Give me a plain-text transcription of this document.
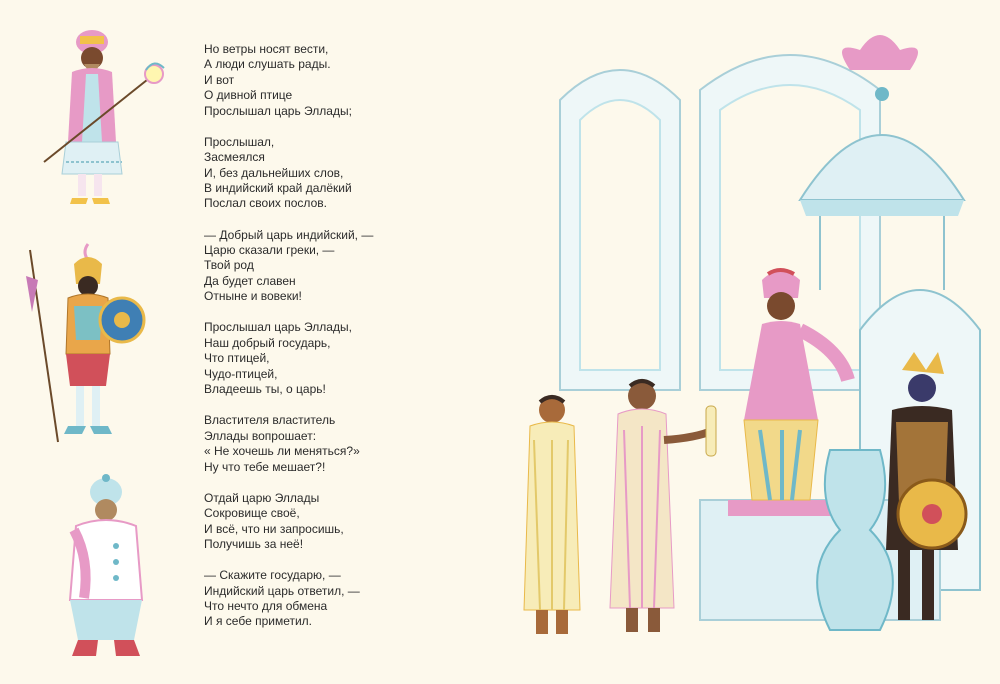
Но ветры носят вести,
А люди слушать рады.
И вот
О дивной птице
Прослышал царь Эллады;
Прослышал,
Засмеялся
И, без дальнейших слов,
В индийский край далёкий
Послал своих послов.
— Добрый царь индийский, —
Царю сказали греки, —
Твой род
Да будет славен
Отныне и вовеки!
Прослышал царь Эллады,
Наш добрый государь,
Что птицей,
Чудо-птицей,
Владеешь ты, о царь!
Властителя властитель
Эллады вопрошает:
« Не хочешь ли меняться?»
Ну что тебе мешает?!
Отдай царю Эллады
Сокровище своё,
И всё, что ни запросишь,
Получишь за неё!
— Скажите государю, —
Индийский царь ответил, —
Что нечто для обмена
И я себе приметил.
